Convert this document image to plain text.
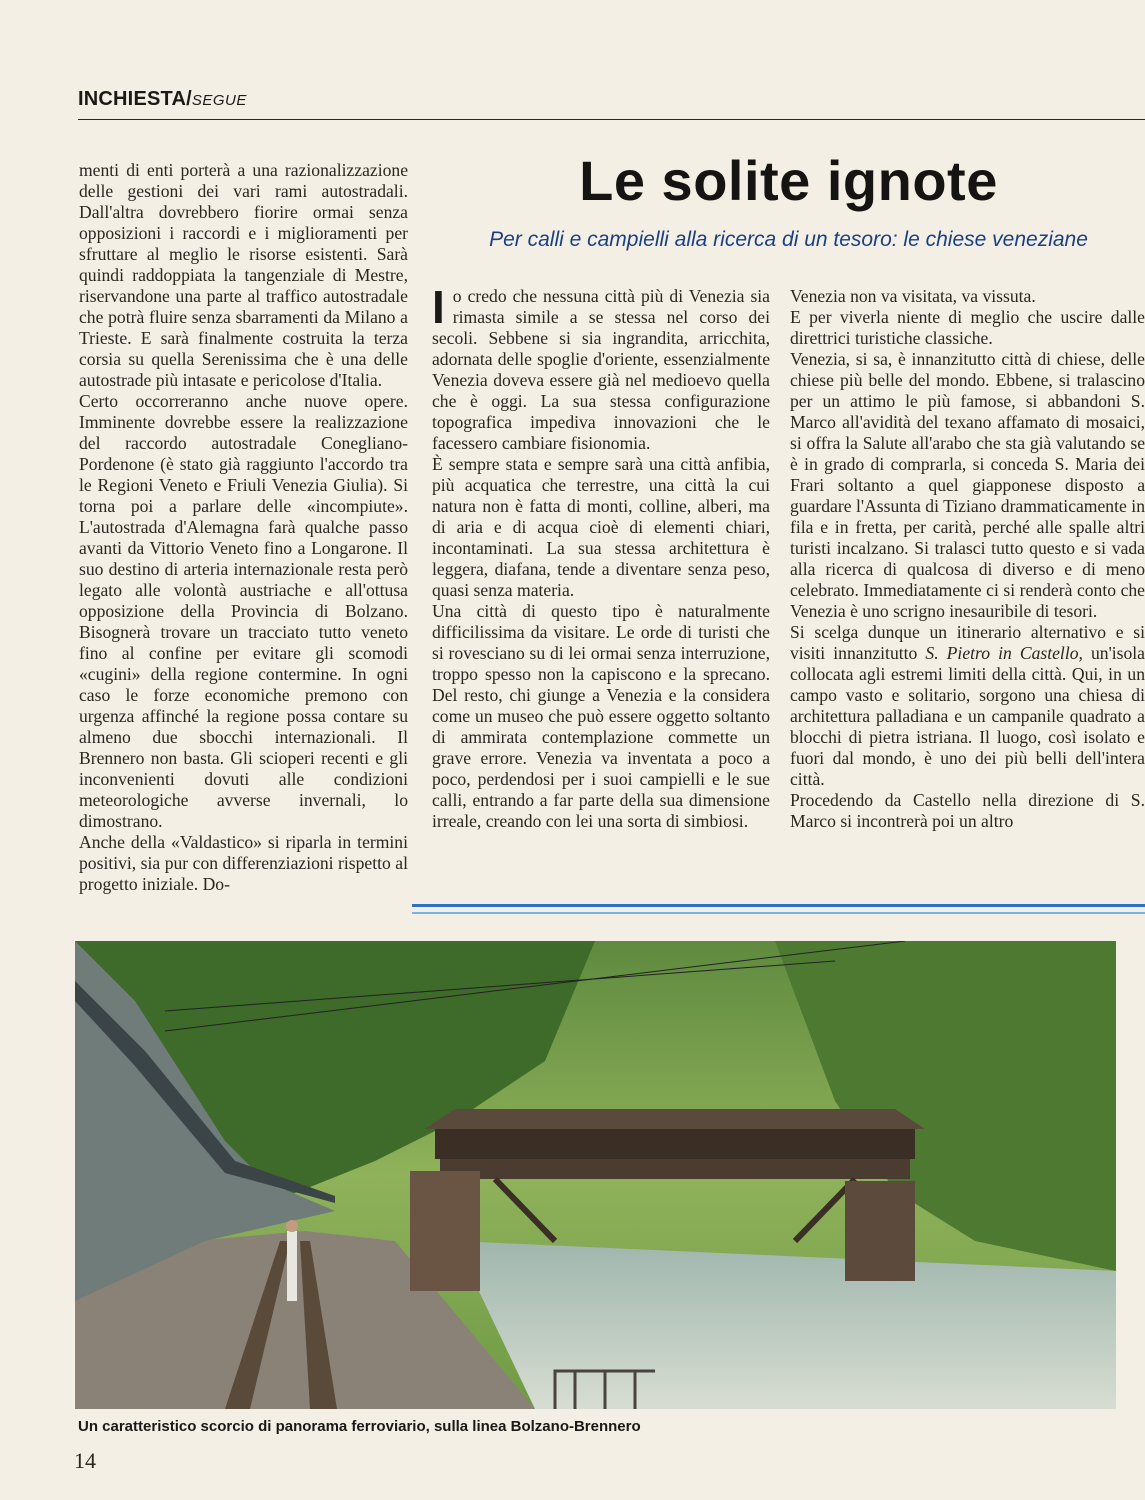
INCHIESTA/SEGUE

menti di enti porterà a una razionalizzazione delle gestioni dei vari rami autostradali. Dall'altra dovrebbero fiorire ormai senza opposizioni i raccordi e i miglioramenti per sfruttare al meglio le risorse esistenti. Sarà quindi raddoppiata la tangenziale di Mestre, riservandone una parte al traffico autostradale che potrà fluire senza sbarramenti da Milano a Trieste. E sarà finalmente costruita la terza corsia su quella Serenissima che è una delle autostrade più intasate e pericolose d'Italia.

Certo occorreranno anche nuove opere. Imminente dovrebbe essere la realizzazione del raccordo autostradale Conegliano-Pordenone (è stato già raggiunto l'accordo tra le Regioni Veneto e Friuli Venezia Giulia). Si torna poi a parlare delle «incompiute». L'autostrada d'Alemagna farà qualche passo avanti da Vittorio Veneto fino a Longarone. Il suo destino di arteria internazionale resta però legato alle volontà austriache e all'ottusa opposizione della Provincia di Bolzano. Bisognerà trovare un tracciato tutto veneto fino al confine per evitare gli scomodi «cugini» della regione contermine. In ogni caso le forze economiche premono con urgenza affinché la regione possa contare su almeno due sbocchi internazionali. Il Brennero non basta. Gli scioperi recenti e gli inconvenienti dovuti alle condizioni meteorologiche avverse invernali, lo dimostrano.

Anche della «Valdastico» si riparla in termini positivi, sia pur con differenziazioni rispetto al progetto iniziale. Do-

Le solite ignote
Per calli e campielli alla ricerca di un tesoro: le chiese veneziane

Io credo che nessuna città più di Venezia sia rimasta simile a se stessa nel corso dei secoli. Sebbene si sia ingrandita, arricchita, adornata delle spoglie d'oriente, essenzialmente Venezia doveva essere già nel medioevo quella che è oggi. La sua stessa configurazione topografica impediva innovazioni che le facessero cambiare fisionomia.

È sempre stata e sempre sarà una città anfibia, più acquatica che terrestre, una città la cui natura non è fatta di monti, colline, alberi, ma di aria e di acqua cioè di elementi chiari, incontaminati. La sua stessa architettura è leggera, diafana, tende a diventare senza peso, quasi senza materia.

Una città di questo tipo è naturalmente difficilissima da visitare. Le orde di turisti che si rovesciano su di lei ormai senza interruzione, troppo spesso non la capiscono e la sprecano. Del resto, chi giunge a Venezia e la considera come un museo che può essere oggetto soltanto di ammirata contemplazione commette un grave errore. Venezia va inventata a poco a poco, perdendosi per i suoi campielli e le sue calli, entrando a far parte della sua dimensione irreale, creando con lei una sorta di simbiosi.

Venezia non va visitata, va vissuta.

E per viverla niente di meglio che uscire dalle direttrici turistiche classiche.

Venezia, si sa, è innanzitutto città di chiese, delle chiese più belle del mondo. Ebbene, si tralascino per un attimo le più famose, si abbandoni S. Marco all'avidità del texano affamato di mosaici, si offra la Salute all'arabo che sta già valutando se è in grado di comprarla, si conceda S. Maria dei Frari soltanto a quel giapponese disposto a guardare l'Assunta di Tiziano drammaticamente in fila e in fretta, per carità, perché alle spalle altri turisti incalzano. Si tralasci tutto questo e si vada alla ricerca di qualcosa di diverso e di meno celebrato. Immediatamente ci si renderà conto che Venezia è uno scrigno inesauribile di tesori.

Si scelga dunque un itinerario alternativo e si visiti innanzitutto S. Pietro in Castello, un'isola collocata agli estremi limiti della città. Qui, in un campo vasto e solitario, sorgono una chiesa di architettura palladiana e un campanile quadrato a blocchi di pietra istriana. Il luogo, così isolato e fuori dal mondo, è uno dei più belli dell'intera città.

Procedendo da Castello nella direzione di S. Marco si incontrerà poi un altro

Un caratteristico scorcio di panorama ferroviario, sulla linea Bolzano-Brennero
14
